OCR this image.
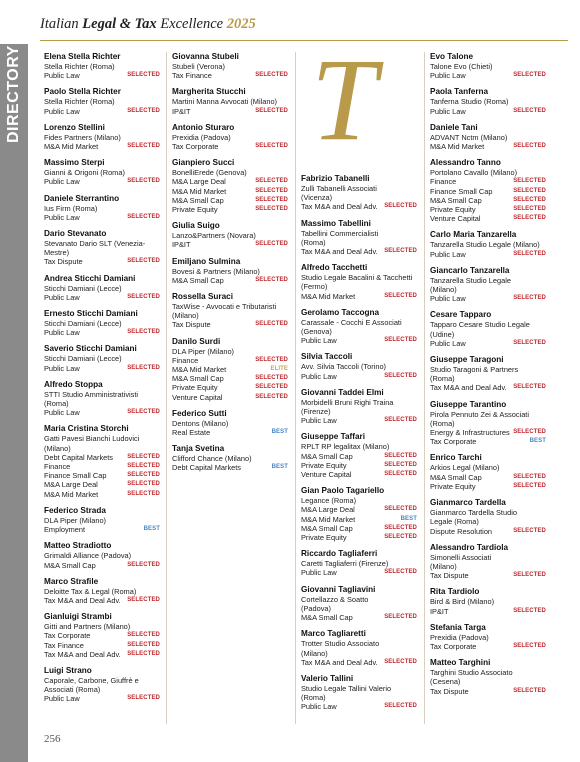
Italian Legal & Tax Excellence 2025
DIRECTORY	Elena Stella Richter
Stella Richter (Roma)
Public Law	SELECTED
Paolo Stella Richter
Stella Richter (Roma)
Public Law	SELECTED
Lorenzo Stellini
Fides Partners (Milano)
M&A Mid Market	SELECTED
Massimo Sterpi
Gianni & Origoni (Roma)
Public Law	SELECTED
Daniele Sterrantino
Ius Firm (Roma)
Public Law	SELECTED
Dario Stevanato
Stevanato Dario SLT (Venezia-
Mestre)
Tax Dispute	SELECTED
Andrea Sticchi Damiani
Sticchi Damiani (Lecce)
Public Law	SELECTED
Ernesto Sticchi Damiani
Sticchi Damiani (Lecce)
Public Law	SELECTED
Saverio Sticchi Damiani
Sticchi Damiani (Lecce)
Public Law	SELECTED
Alfredo Stoppa
STTI Studio Amministrativisti
(Roma)
Public Law	SELECTED
Maria Cristina Storchi
Gatti Pavesi Bianchi Ludovici
(Milano)
Debt Capital Markets	SELECTED
Finance	SELECTED
Finance Small Cap	SELECTED
M&A Large Deal	SELECTED
M&A Mid Market	SELECTED
Federico Strada
DLA Piper (Milano)
Employment	BEST
Matteo Stradiotto
Grimaldi Alliance (Padova)
M&A Small Cap	SELECTED
Marco Strafile
Deloitte Tax & Legal (Roma)
Tax M&A and Deal Adv.	SELECTED
Gianluigi Strambi
Gitti and Partners (Milano)
Tax Corporate	SELECTED
Tax Finance	SELECTED
Tax M&A and Deal Adv.	SELECTED
Luigi Strano
Caporale, Carbone, Giuffrè e
Associati (Roma)
Public Law	SELECTED
Giovanna Stubeli
Stubeli (Verona)
Tax Finance	SELECTED
Margherita Stucchi
Martini Manna Avvocati (Milano)
IP&IT	SELECTED
Antonio Sturaro
Prexidia (Padova)
Tax Corporate	SELECTED
Gianpiero Succi
BonelliErede (Genova)
M&A Large Deal	SELECTED
M&A Mid Market	SELECTED
M&A Small Cap	SELECTED
Private Equity	SELECTED
Giulia Suigo
Lanzo&Partners (Novara)
IP&IT	SELECTED
Emiljano Sulmina
Bovesi & Partners (Milano)
M&A Small Cap	SELECTED
Rossella Suraci
TaxWise - Avvocati e Tributaristi
(Milano)
Tax Dispute	SELECTED
Danilo Surdi
DLA Piper (Milano)
Finance	SELECTED
M&A Mid Market	ELITE
M&A Small Cap	SELECTED
Private Equity	SELECTED
Venture Capital	SELECTED
Federico Sutti
Dentons (Milano)
Real Estate	BEST
Tanja Svetina
Clifford Chance (Milano)
Debt Capital Markets	BEST
T
Fabrizio Tabanelli
Zulli Tabanelli Associati
(Vicenza)
Tax M&A and Deal Adv.	SELECTED
Massimo Tabellini
Tabellini Commercialisti
(Roma)
Tax M&A and Deal Adv.	SELECTED
Alfredo Tacchetti
Studio Legale Bacalini & Tacchetti
(Fermo)
M&A Mid Market	SELECTED
Gerolamo Taccogna
Carassale - Cocchi E Associati
(Genova)
Public Law	SELECTED
Silvia Taccoli
Avv. Silvia Taccoli (Torino)
Public Law	SELECTED
Giovanni Taddei Elmi
Morbidelli Bruni Righi Traina
(Firenze)
Public Law	SELECTED
Giuseppe Taffari
RPLT RP legalitax (Milano)
M&A Small Cap	SELECTED
Private Equity	SELECTED
Venture Capital	SELECTED
Gian Paolo Tagariello
Legance (Roma)
M&A Large Deal	SELECTED
M&A Mid Market	BEST
M&A Small Cap	SELECTED
Private Equity	SELECTED
Riccardo Tagliaferri
Caretti Tagliaferri (Firenze)
Public Law	SELECTED
Giovanni Tagliavini
Cortellazzo & Soatto
(Padova)
M&A Small Cap	SELECTED
Marco Tagliaretti
Trotter Studio Associato
(Milano)
Tax M&A and Deal Adv.	SELECTED
Valerio Tallini
Studio Legale Tallini Valerio
(Roma)
Public Law	SELECTED
Evo Talone
Talone Evo (Chieti)
Public Law	SELECTED
Paola Tanferna
Tanferna Studio (Roma)
Public Law	SELECTED
Daniele Tani
ADVANT Nctm (Milano)
M&A Mid Market	SELECTED
Alessandro Tanno
Portolano Cavallo (Milano)
Finance	SELECTED
Finance Small Cap	SELECTED
M&A Small Cap	SELECTED
Private Equity	SELECTED
Venture Capital	SELECTED
Carlo Maria Tanzarella
Tanzarella Studio Legale (Milano)
Public Law	SELECTED
Giancarlo Tanzarella
Tanzarella Studio Legale
(Milano)
Public Law	SELECTED
Cesare Tapparo
Tapparo Cesare Studio Legale
(Udine)
Public Law	SELECTED
Giuseppe Taragoni
Studio Taragoni & Partners
(Roma)
Tax M&A and Deal Adv.	SELECTED
Giuseppe Tarantino
Pirola Pennuto Zei & Associati
(Roma)
Energy & Infrastructures SELECTED
Tax Corporate	BEST
Enrico Tarchi
Arkios Legal (Milano)
M&A Small Cap	SELECTED
Private Equity	SELECTED
Gianmarco Tardella
Gianmarco Tardella Studio
Legale (Roma)
Dispute Resolution	SELECTED
Alessandro Tardiola
Simonelli Associati
(Milano)
Tax Dispute	SELECTED
Rita Tardiolo
Bird & Bird (Milano)
IP&IT	SELECTED
Stefania Targa
Prexidia (Padova)
Tax Corporate	SELECTED
Matteo Targhini
Targhini Studio Associato
(Cesena)
Tax Dispute	SELECTED
256
